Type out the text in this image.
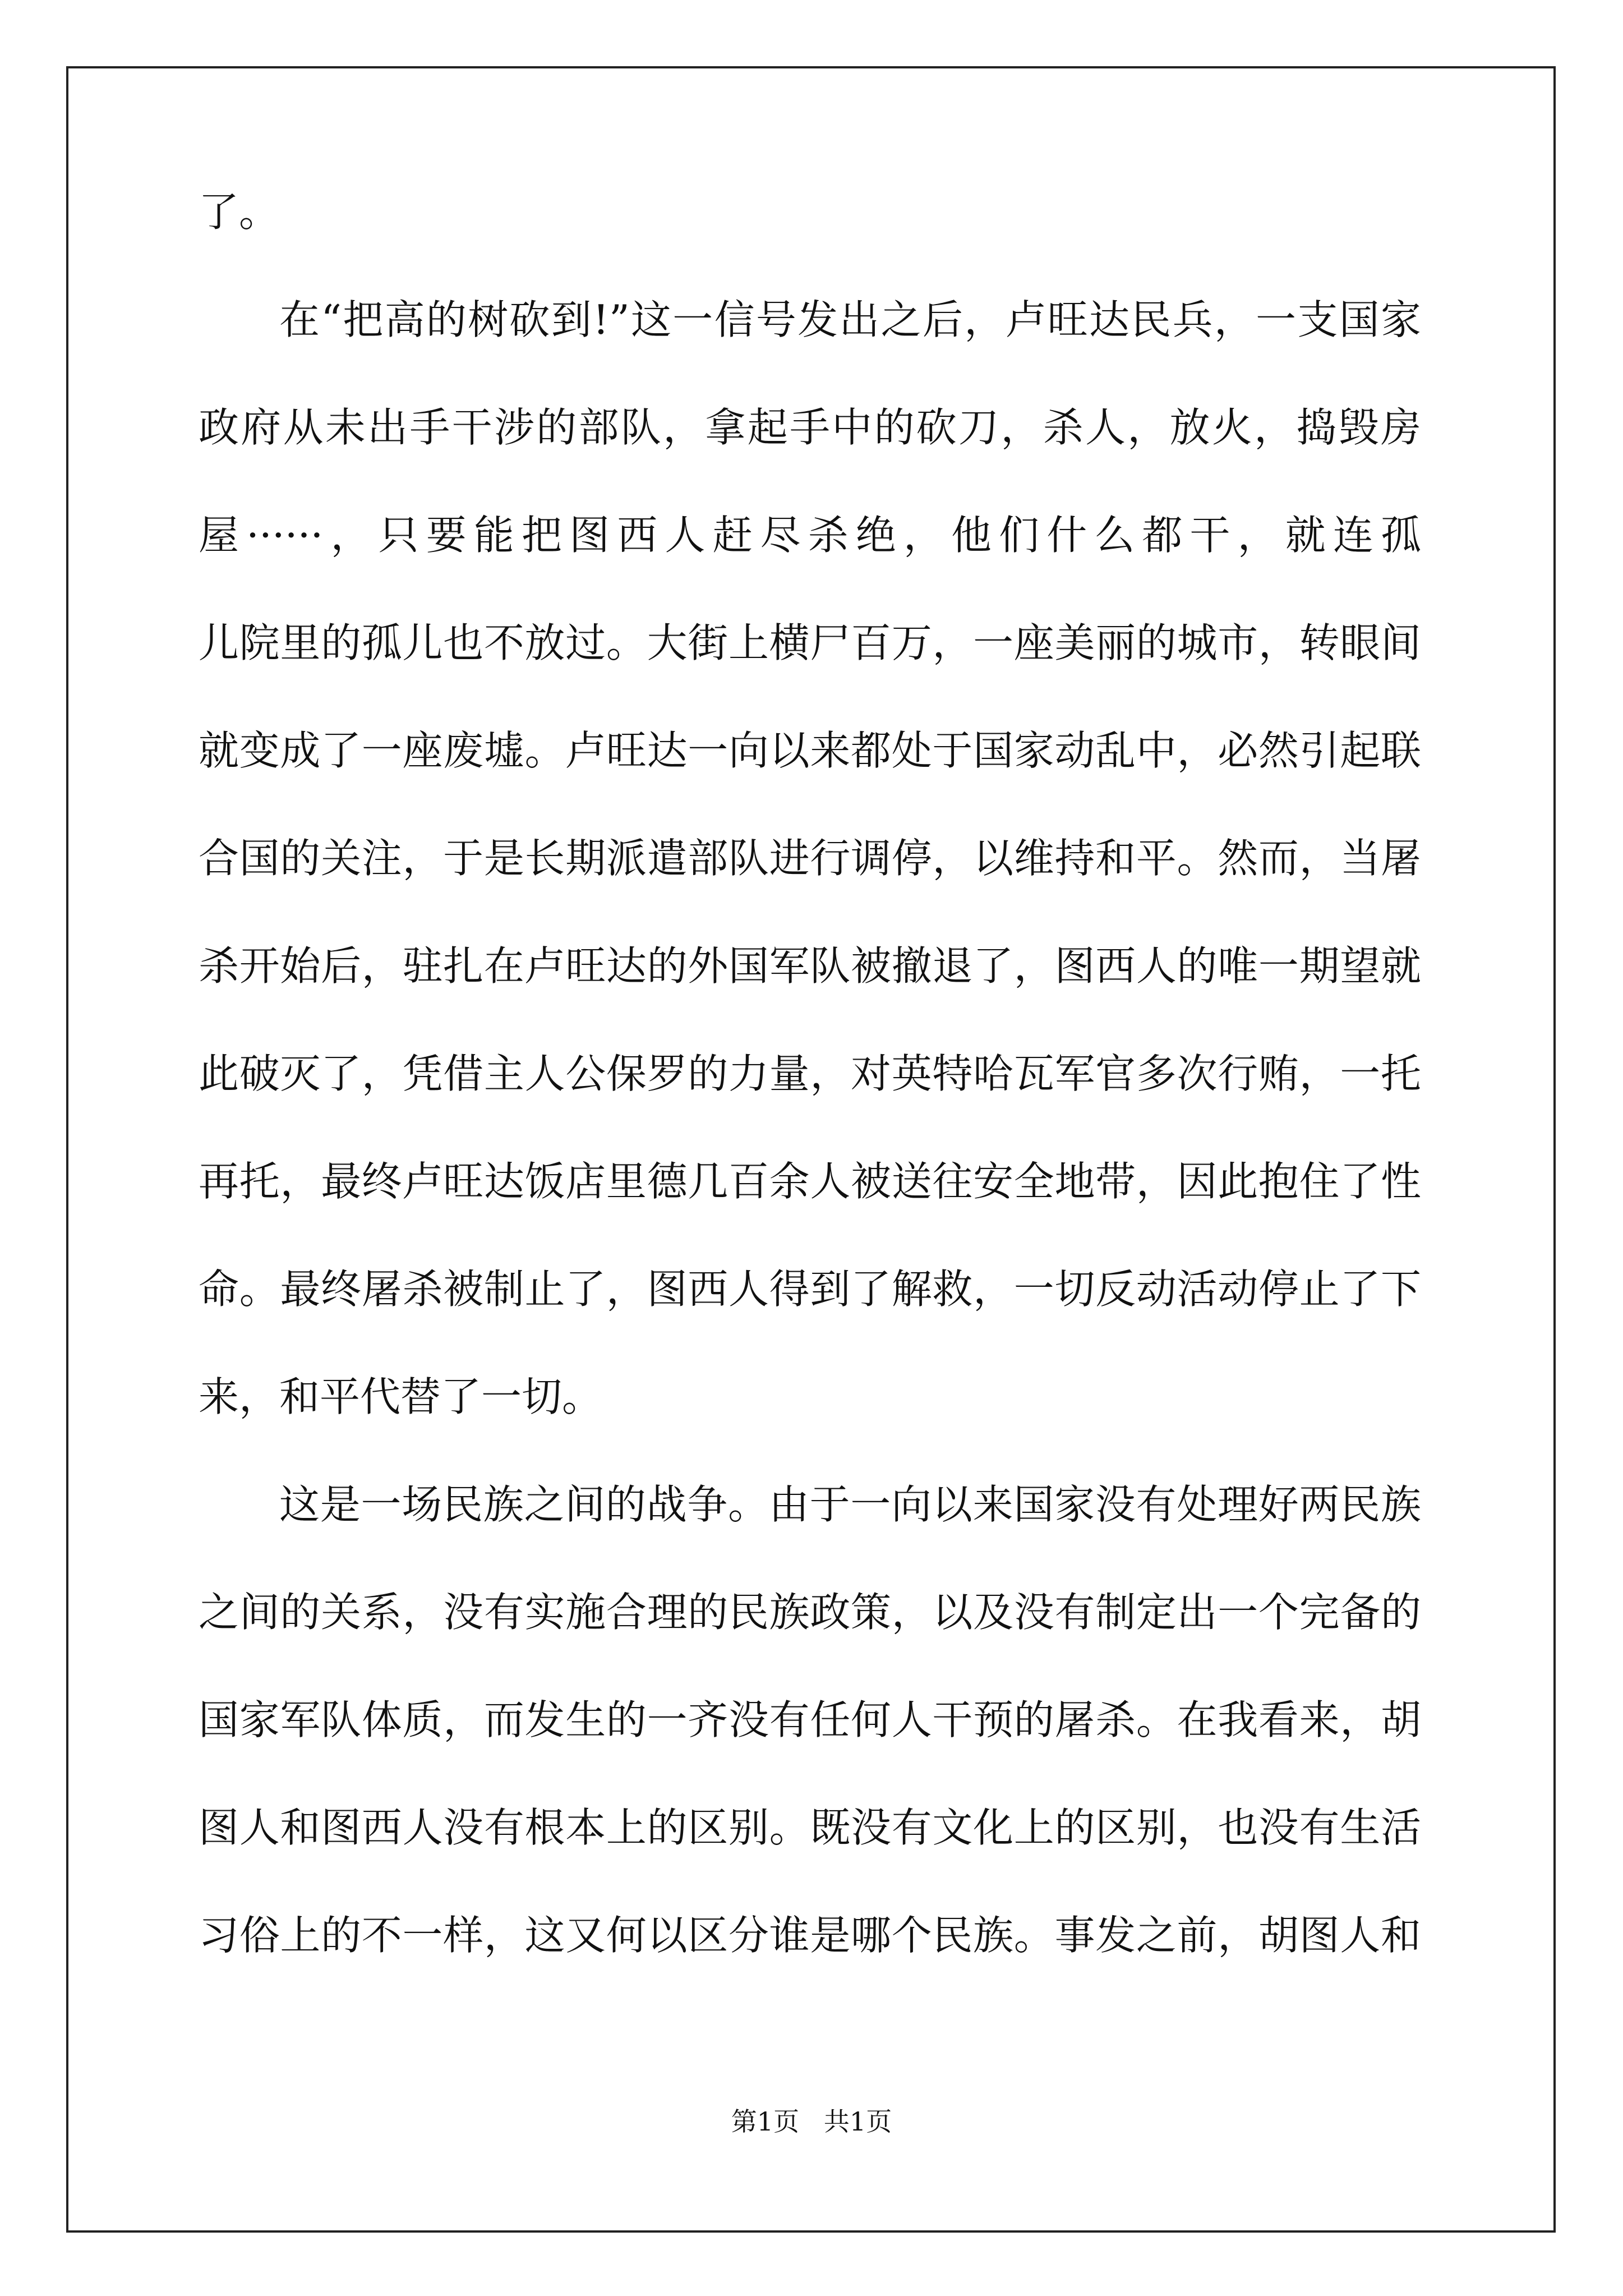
了。
在“把高的树砍到!”这一信号发出之后，卢旺达民兵，一支国家
政府从未出手干涉的部队，拿起手中的砍刀，杀人，放火，捣毁房
屋······，只要能把图西人赶尽杀绝，他们什么都干，就连孤
儿院里的孤儿也不放过。大街上横尸百万，一座美丽的城市，转眼间
就变成了一座废墟。卢旺达一向以来都处于国家动乱中，必然引起联
合国的关注，于是长期派遣部队进行调停，以维持和平。然而，当屠
杀开始后，驻扎在卢旺达的外国军队被撤退了，图西人的唯一期望就
此破灭了，凭借主人公保罗的力量，对英特哈瓦军官多次行贿，一托
再托，最终卢旺达饭店里德几百余人被送往安全地带，因此抱住了性
命。最终屠杀被制止了，图西人得到了解救，一切反动活动停止了下
来，和平代替了一切。
这是一场民族之间的战争。由于一向以来国家没有处理好两民族
之间的关系，没有实施合理的民族政策，以及没有制定出一个完备的
国家军队体质，而发生的一齐没有任何人干预的屠杀。在我看来，胡
图人和图西人没有根本上的区别。既没有文化上的区别，也没有生活
习俗上的不一样，这又何以区分谁是哪个民族。事发之前，胡图人和
第1页   共1页
